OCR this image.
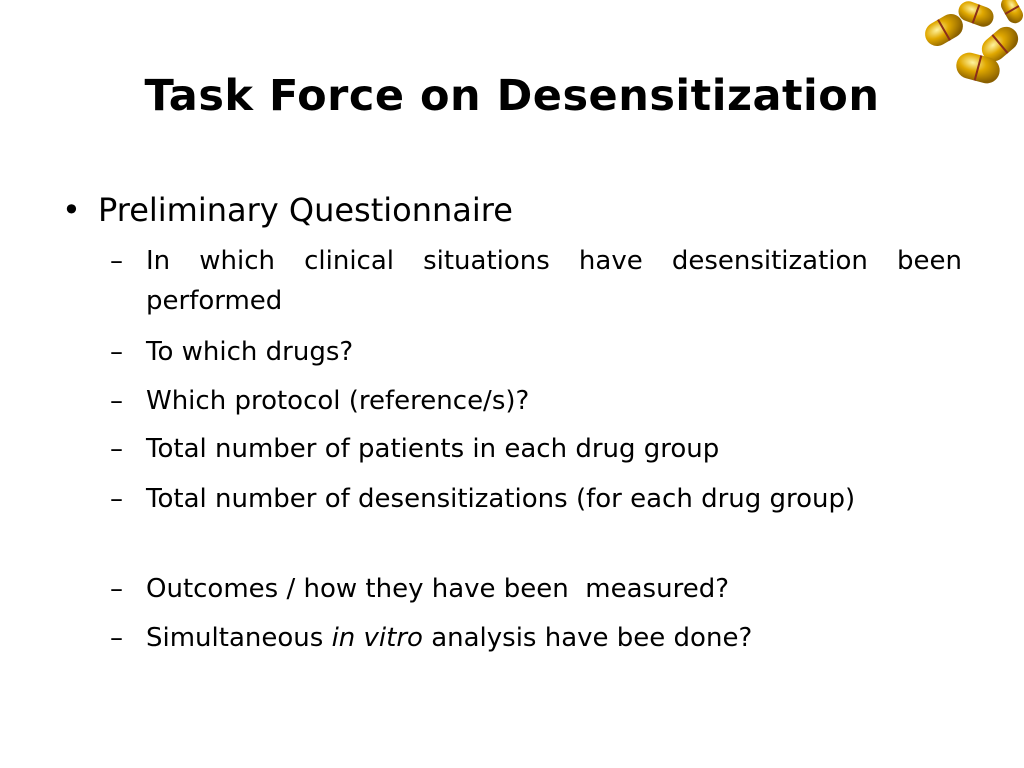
Task Force on Desensitization
• Preliminary Questionnaire
– In which clinical situations have desensitization been performed
– To which drugs?
– Which protocol (reference/s)?
– Total number of patients in each drug group
– Total number of desensitizations (for each drug group)
– Outcomes / how they have been  measured?
– Simultaneous in vitro analysis have bee done?
